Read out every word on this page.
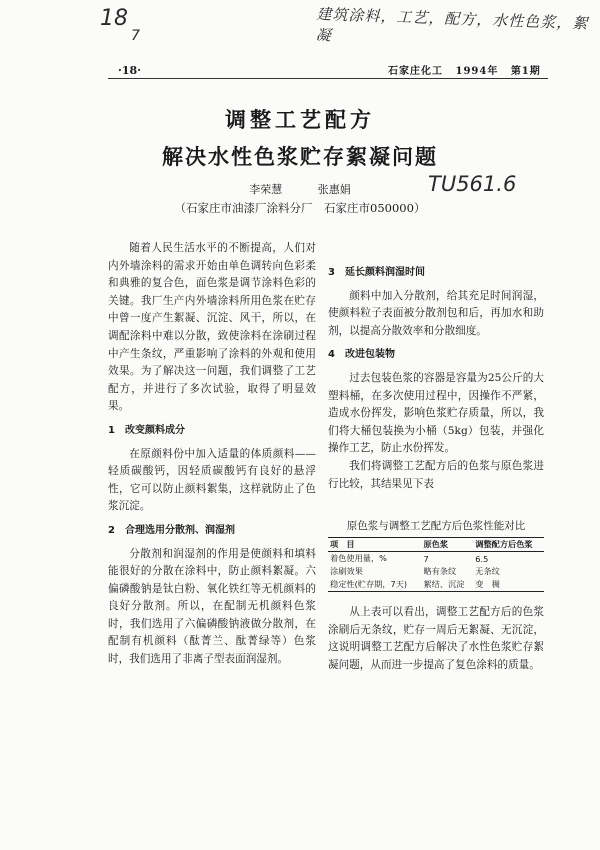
18
7
建筑涂料，工艺，配方，水性色浆，絮凝
TU561.6
·18·	石家庄化工 1994年 第1期
调整工艺配方
解决水性色浆贮存絮凝问题
李荣慧	张惠娟
（石家庄市油漆厂涂料分厂　石家庄市050000）

随着人民生活水平的不断提高，人们对内外墙涂料的需求开始由单色调转向色彩柔和典雅的复合色，面色浆是调节涂料色彩的关键。我厂生产内外墙涂料所用色浆在贮存中曾一度产生絮凝、沉淀、风干，所以，在调配涂料中难以分散，致使涂料在涂刷过程中产生条纹，严重影响了涂料的外观和使用效果。为了解决这一问题，我们调整了工艺配方，并进行了多次试验，取得了明显效果。

1　改变颜料成分

在原颜料份中加入适量的体质颜料——轻质碳酸钙，因轻质碳酸钙有良好的悬浮性，它可以防止颜料絮集，这样就防止了色浆沉淀。

2　合理选用分散剂、润湿剂

分散剂和润湿剂的作用是使颜料和填料能很好的分散在涂料中，防止颜料絮凝。六偏磷酸钠是钛白粉、氧化铁红等无机颜料的良好分散剂。所以，在配制无机颜料色浆时，我们选用了六偏磷酸钠液做分散剂，在配制有机颜料（酞菁兰、酞菁绿等）色浆时，我们选用了非离子型表面润湿剂。

3　延长颜料润湿时间

颜料中加入分散剂，给其充足时间润湿，使颜料粒子表面被分散剂包和后，再加水和助剂，以提高分散效率和分散细度。

4　改进包装物

过去包装色浆的容器是容量为25公斤的大塑料桶，在多次使用过程中，因操作不严紧，造成水份挥发，影响色浆贮存质量，所以，我们将大桶包装换为小桶（5kg）包装，并强化操作工艺，防止水份挥发。

我们将调整工艺配方后的色浆与原色浆进行比较，其结果见下表

原色浆与调整工艺配方后色浆性能对比
项　目	原色浆	调整配方后色浆
着色使用量，%	7	6.5
涂刷效果	略有条纹	无条纹
稳定性(贮存期，7天)	絮结、沉淀	变　稠

从上表可以看出，调整工艺配方后的色浆涂刷后无条纹，贮存一周后无絮凝、无沉淀，这说明调整工艺配方后解决了水性色浆贮存絮凝问题，从而进一步提高了复色涂料的质量。
